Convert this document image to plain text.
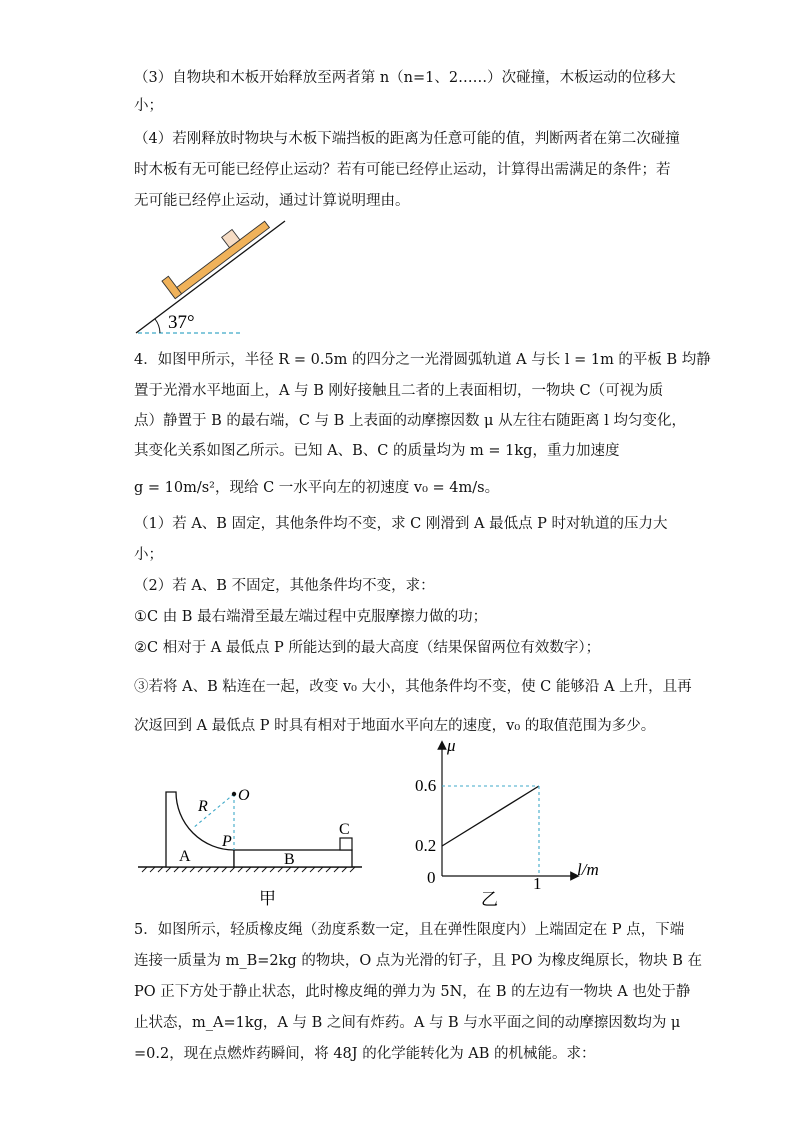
（3）自物块和木板开始释放至两者第 n（n=1、2……）次碰撞，木板运动的位移大
小；
（4）若刚释放时物块与木板下端挡板的距离为任意可能的值，判断两者在第二次碰撞
时木板有无可能已经停止运动？若有可能已经停止运动，计算得出需满足的条件；若
无可能已经停止运动，通过计算说明理由。
37°
4．如图甲所示，半径 R = 0.5m 的四分之一光滑圆弧轨道 A 与长 l = 1m 的平板 B 均静
置于光滑水平地面上，A 与 B 刚好接触且二者的上表面相切，一物块 C（可视为质
点）静置于 B 的最右端，C 与 B 上表面的动摩擦因数 μ 从左往右随距离 l 均匀变化，
其变化关系如图乙所示。已知 A、B、C 的质量均为 m = 1kg，重力加速度
g = 10m/s²，现给 C 一水平向左的初速度 v₀ = 4m/s。
（1）若 A、B 固定，其他条件均不变，求 C 刚滑到 A 最低点 P 时对轨道的压力大
小；
（2）若 A、B 不固定，其他条件均不变，求：
①C 由 B 最右端滑至最左端过程中克服摩擦力做的功；
②C 相对于 A 最低点 P 所能达到的最大高度（结果保留两位有效数字）；
③若将 A、B 粘连在一起，改变 v₀ 大小，其他条件均不变，使 C 能够沿 A 上升，且再
次返回到 A 最低点 P 时具有相对于地面水平向左的速度，v₀ 的取值范围为多少。
R
O
P
A	B
C
甲
μ
l/m
0
0.6
0.2
1
乙
5．如图所示，轻质橡皮绳（劲度系数一定，且在弹性限度内）上端固定在 P 点，下端
连接一质量为 m_B=2kg 的物块，O 点为光滑的钉子，且 PO 为橡皮绳原长，物块 B 在
PO 正下方处于静止状态，此时橡皮绳的弹力为 5N，在 B 的左边有一物块 A 也处于静
止状态，m_A=1kg，A 与 B 之间有炸药。A 与 B 与水平面之间的动摩擦因数均为 μ
=0.2，现在点燃炸药瞬间，将 48J 的化学能转化为 AB 的机械能。求：
